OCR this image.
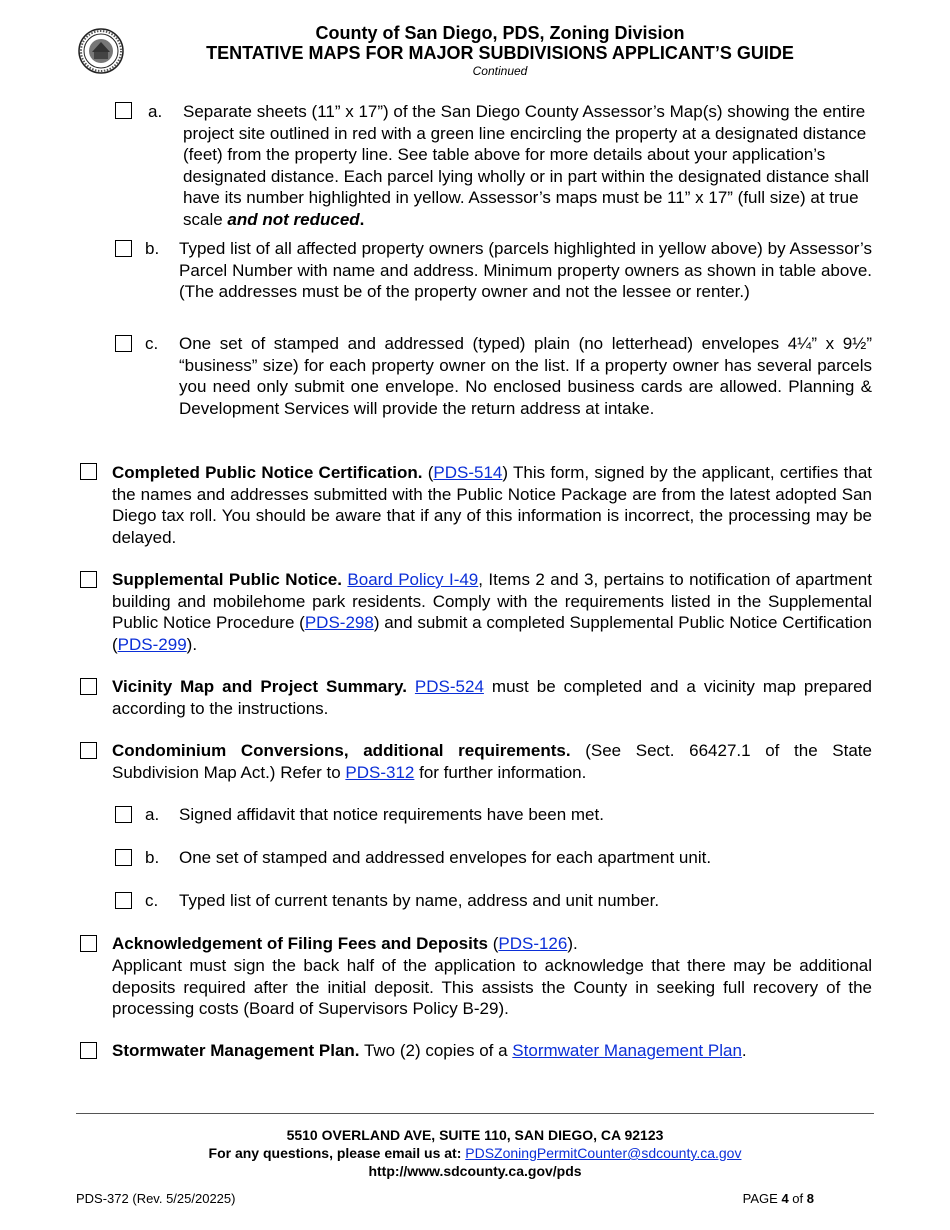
County of San Diego, PDS, Zoning Division
TENTATIVE MAPS FOR MAJOR SUBDIVISIONS APPLICANT’S GUIDE
Continued
a. Separate sheets (11” x 17”) of the San Diego County Assessor’s Map(s) showing the entire project site outlined in red with a green line encircling the property at a designated distance (feet) from the property line. See table above for more details about your application’s designated distance. Each parcel lying wholly or in part within the designated distance shall have its number highlighted in yellow. Assessor’s maps must be 11” x 17” (full size) at true scale and not reduced.
b. Typed list of all affected property owners (parcels highlighted in yellow above) by Assessor’s Parcel Number with name and address. Minimum property owners as shown in table above. (The addresses must be of the property owner and not the lessee or renter.)
c. One set of stamped and addressed (typed) plain (no letterhead) envelopes 4¼” x 9½” “business” size) for each property owner on the list. If a property owner has several parcels you need only submit one envelope. No enclosed business cards are allowed. Planning & Development Services will provide the return address at intake.
Completed Public Notice Certification. (PDS-514) This form, signed by the applicant, certifies that the names and addresses submitted with the Public Notice Package are from the latest adopted San Diego tax roll. You should be aware that if any of this information is incorrect, the processing may be delayed.
Supplemental Public Notice. Board Policy I-49, Items 2 and 3, pertains to notification of apartment building and mobilehome park residents. Comply with the requirements listed in the Supplemental Public Notice Procedure (PDS-298) and submit a completed Supplemental Public Notice Certification (PDS-299).
Vicinity Map and Project Summary. PDS-524 must be completed and a vicinity map prepared according to the instructions.
Condominium Conversions, additional requirements. (See Sect. 66427.1 of the State Subdivision Map Act.) Refer to PDS-312 for further information.
a. Signed affidavit that notice requirements have been met.
b. One set of stamped and addressed envelopes for each apartment unit.
c. Typed list of current tenants by name, address and unit number.
Acknowledgement of Filing Fees and Deposits (PDS-126).
Applicant must sign the back half of the application to acknowledge that there may be additional deposits required after the initial deposit. This assists the County in seeking full recovery of the processing costs (Board of Supervisors Policy B-29).
Stormwater Management Plan. Two (2) copies of a Stormwater Management Plan.
5510 OVERLAND AVE, SUITE 110, SAN DIEGO, CA 92123
For any questions, please email us at: PDSZoningPermitCounter@sdcounty.ca.gov
http://www.sdcounty.ca.gov/pds
PDS-372 (Rev. 5/25/20225)	PAGE 4 of 8
